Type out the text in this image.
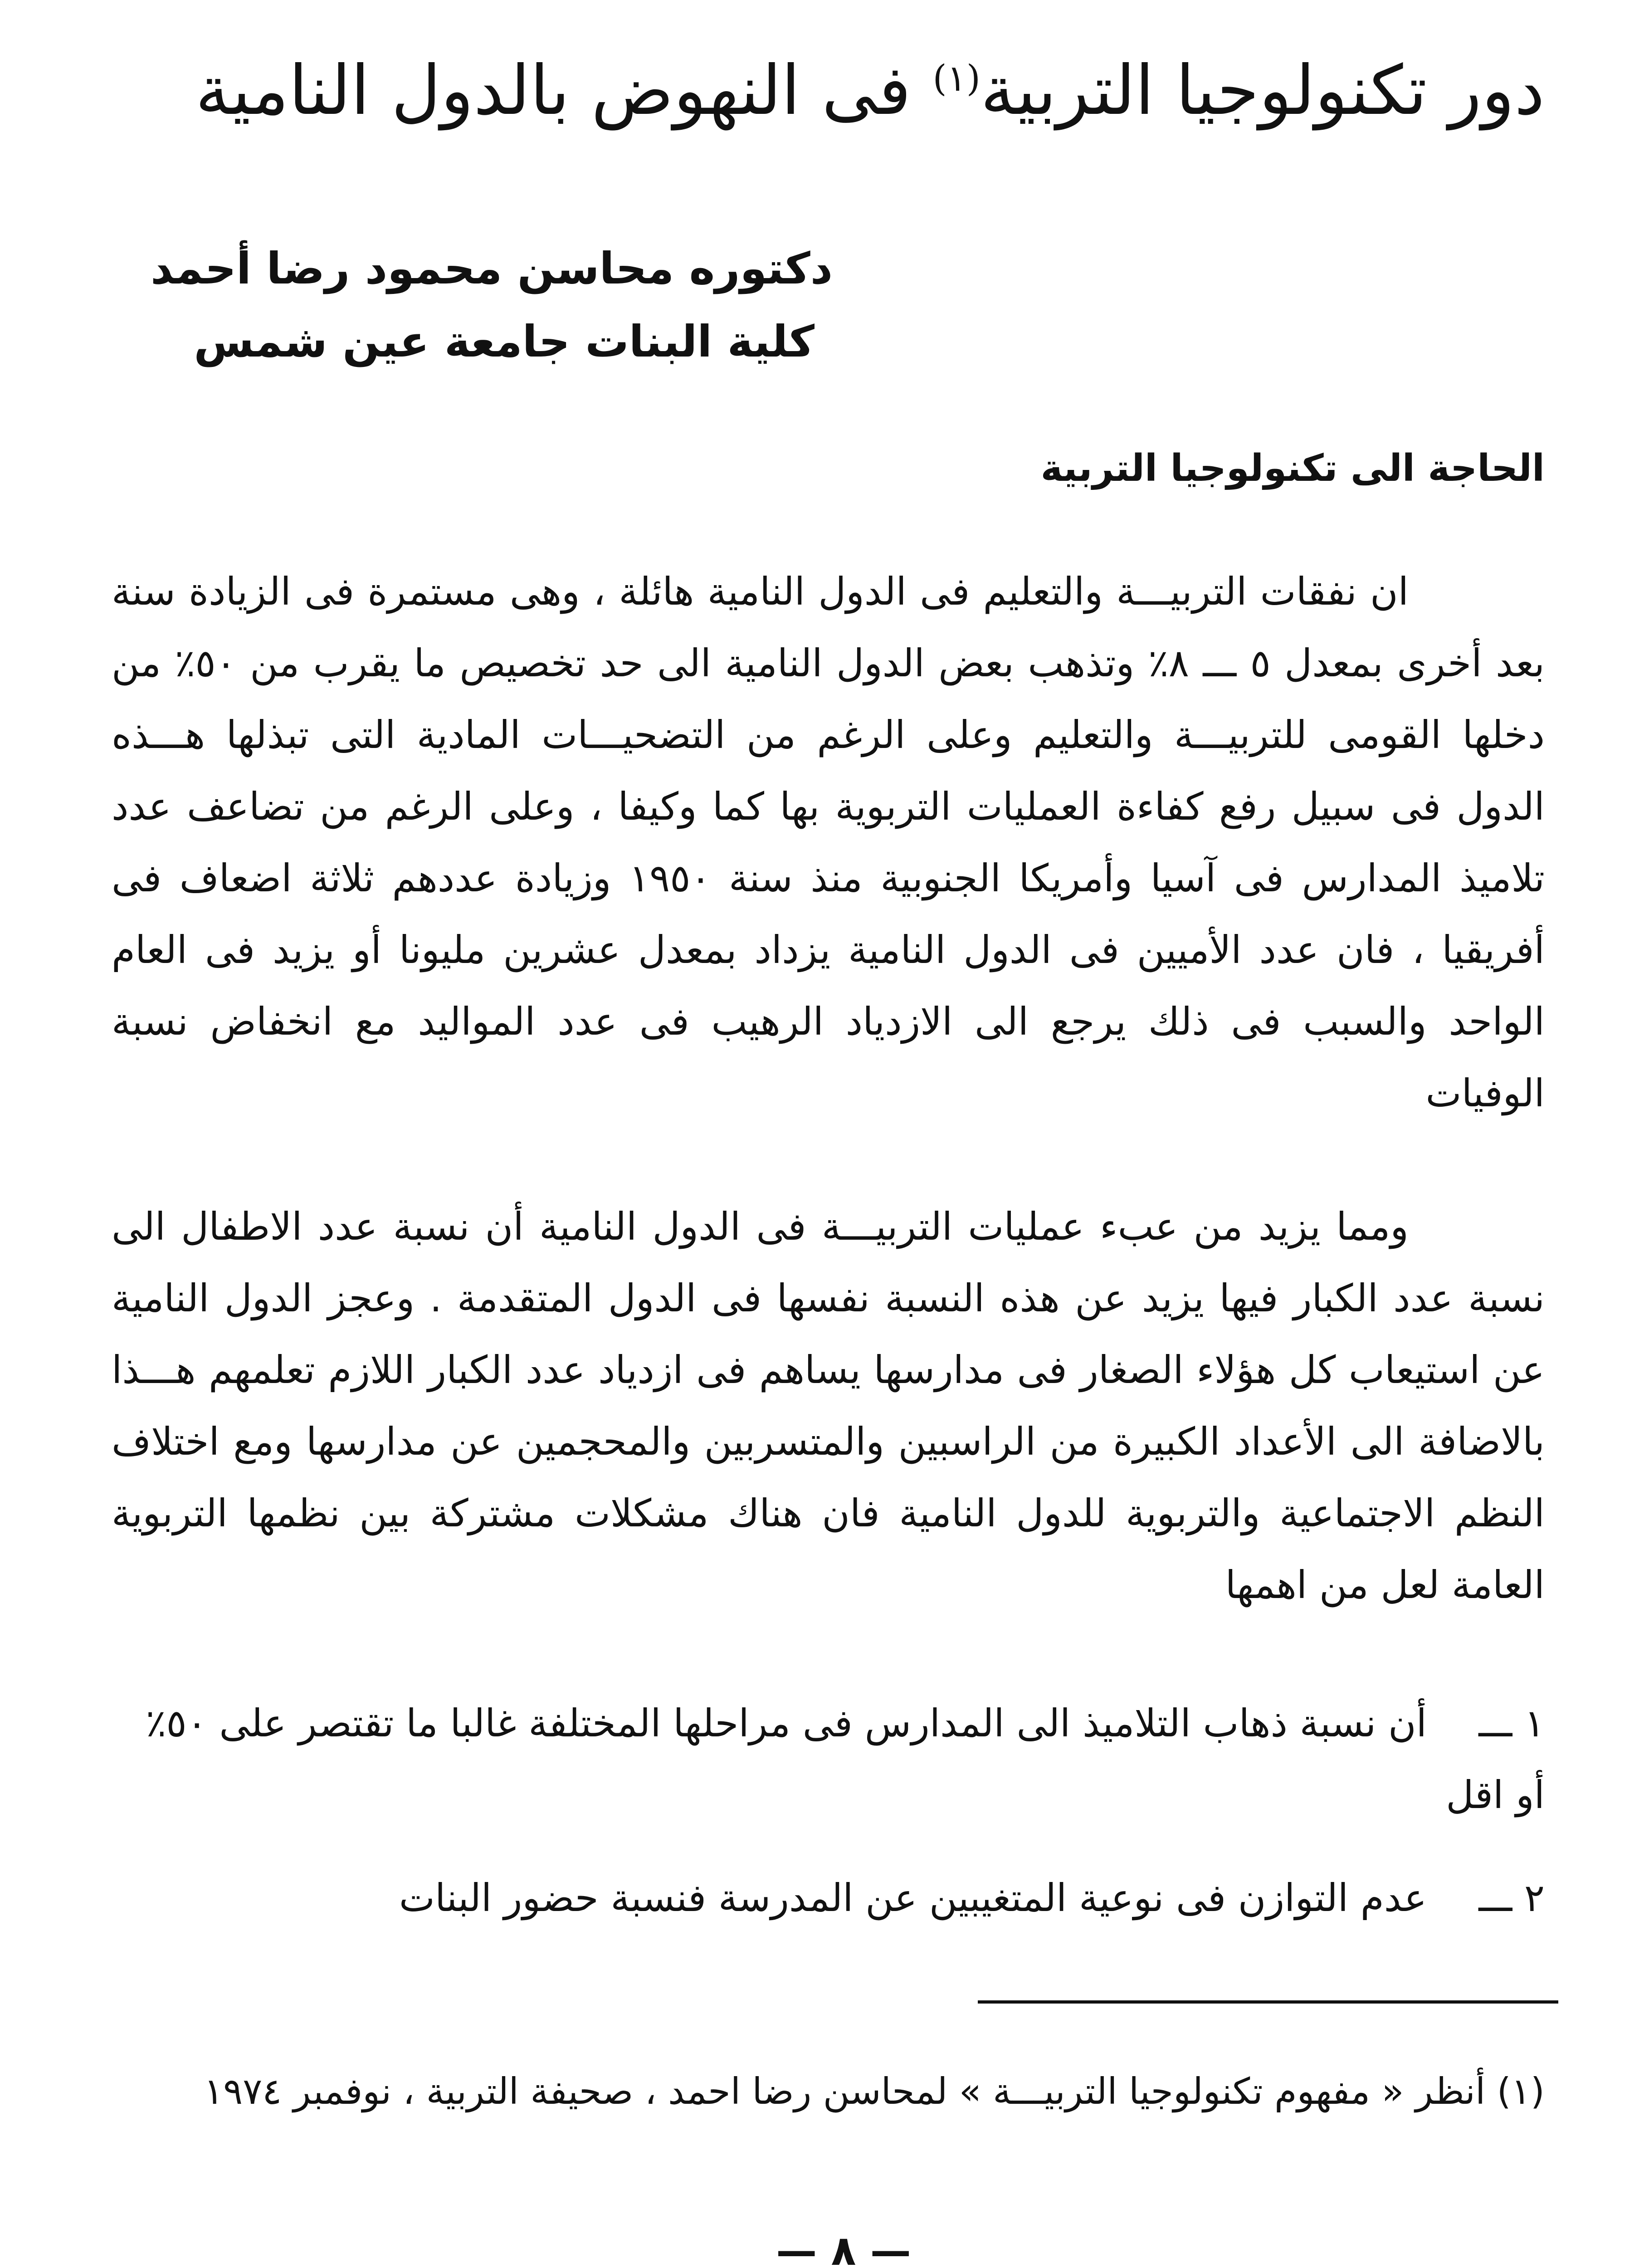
دور تكنولوجيا التربية$^{(١)}$ فى النهوض بالدول النامية
دكتوره محاسن محمود رضا أحمد
كلية البنات جامعة عين شمس
الحاجة الى تكنولوجيا التربية

ان نفقات التربيـــة والتعليم فى الدول النامية هائلة ، وهى مستمرة فى الزيادة سنة بعد أخرى بمعدل ٥ ـــ ٨٪ وتذهب بعض الدول النامية الى حد تخصيص ما يقرب من ٥٠٪ من دخلها القومى للتربيـــة والتعليم وعلى الرغم من التضحيـــات المادية التى تبذلها هـــذه الدول فى سبيل رفع كفاءة العمليات التربوية بها كما وكيفا ، وعلى الرغم من تضاعف عدد تلاميذ المدارس فى آسيا وأمريكا الجنوبية منذ سنة ١٩٥٠ وزيادة عددهم ثلاثة اضعاف فى أفريقيا ، فان عدد الأميين فى الدول النامية يزداد بمعدل عشرين مليونا أو يزيد فى العام الواحد والسبب فى ذلك يرجع الى الازدياد الرهيب فى عدد المواليد مع انخفاض نسبة الوفيات

ومما يزيد من عبء عمليات التربيـــة فى الدول النامية أن نسبة عدد الاطفال الى نسبة عدد الكبار فيها يزيد عن هذه النسبة نفسها فى الدول المتقدمة . وعجز الدول النامية عن استيعاب كل هؤلاء الصغار فى مدارسها يساهم فى ازدياد عدد الكبار اللازم تعلمهم هـــذا بالاضافة الى الأعداد الكبيرة من الراسبين والمتسربين والمحجمين عن مدارسها ومع اختلاف النظم الاجتماعية والتربوية للدول النامية فان هناك مشكلات مشتركة بين نظمها التربوية العامة لعل من اهمها

١ ـــأن نسبة ذهاب التلاميذ الى المدارس فى مراحلها المختلفة غالبا ما تقتصر على ٥٠٪ أو اقل
٢ ـــعدم التوازن فى نوعية المتغيبين عن المدرسة فنسبة حضور البنات

(١) أنظر « مفهوم تكنولوجيا التربيـــة » لمحاسن رضا احمد ، صحيفة التربية ، نوفمبر ١٩٧٤

— ٨ —
